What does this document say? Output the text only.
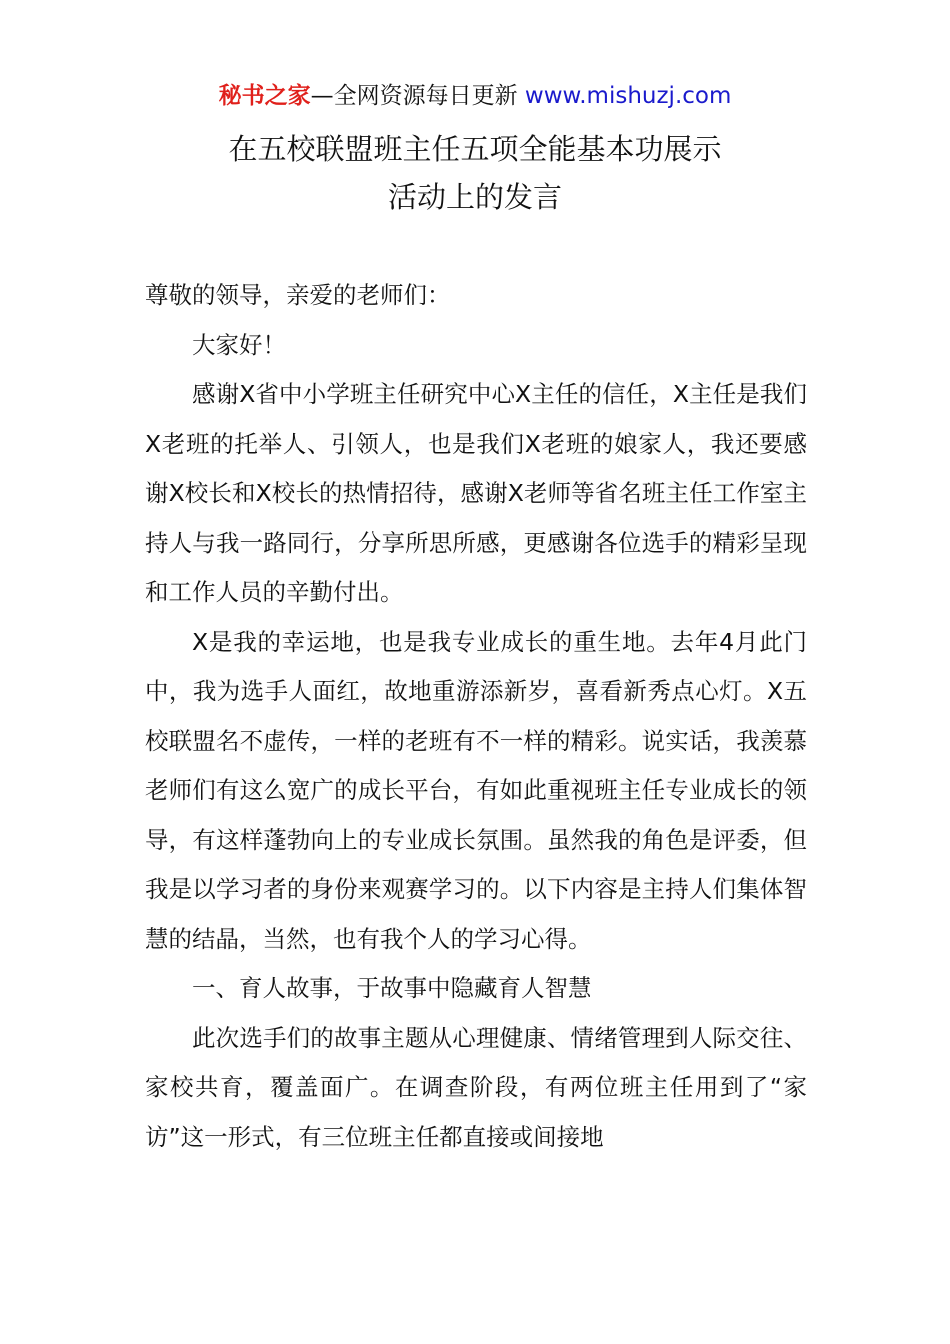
秘书之家—全网资源每日更新 www.mishuzj.com
在五校联盟班主任五项全能基本功展示
活动上的发言

尊敬的领导，亲爱的老师们：

大家好！

感谢X省中小学班主任研究中心X主任的信任，X主任是我们X老班的托举人、引领人，也是我们X老班的娘家人，我还要感谢X校长和X校长的热情招待，感谢X老师等省名班主任工作室主持人与我一路同行，分享所思所感，更感谢各位选手的精彩呈现和工作人员的辛勤付出。

X是我的幸运地，也是我专业成长的重生地。去年4月此门中，我为选手人面红，故地重游添新岁，喜看新秀点心灯。X五校联盟名不虚传，一样的老班有不一样的精彩。说实话，我羡慕老师们有这么宽广的成长平台，有如此重视班主任专业成长的领导，有这样蓬勃向上的专业成长氛围。虽然我的角色是评委，但我是以学习者的身份来观赛学习的。以下内容是主持人们集体智慧的结晶，当然，也有我个人的学习心得。

一、育人故事，于故事中隐藏育人智慧

此次选手们的故事主题从心理健康、情绪管理到人际交往、家校共育，覆盖面广。在调查阶段，有两位班主任用到了“家访”这一形式，有三位班主任都直接或间接地
